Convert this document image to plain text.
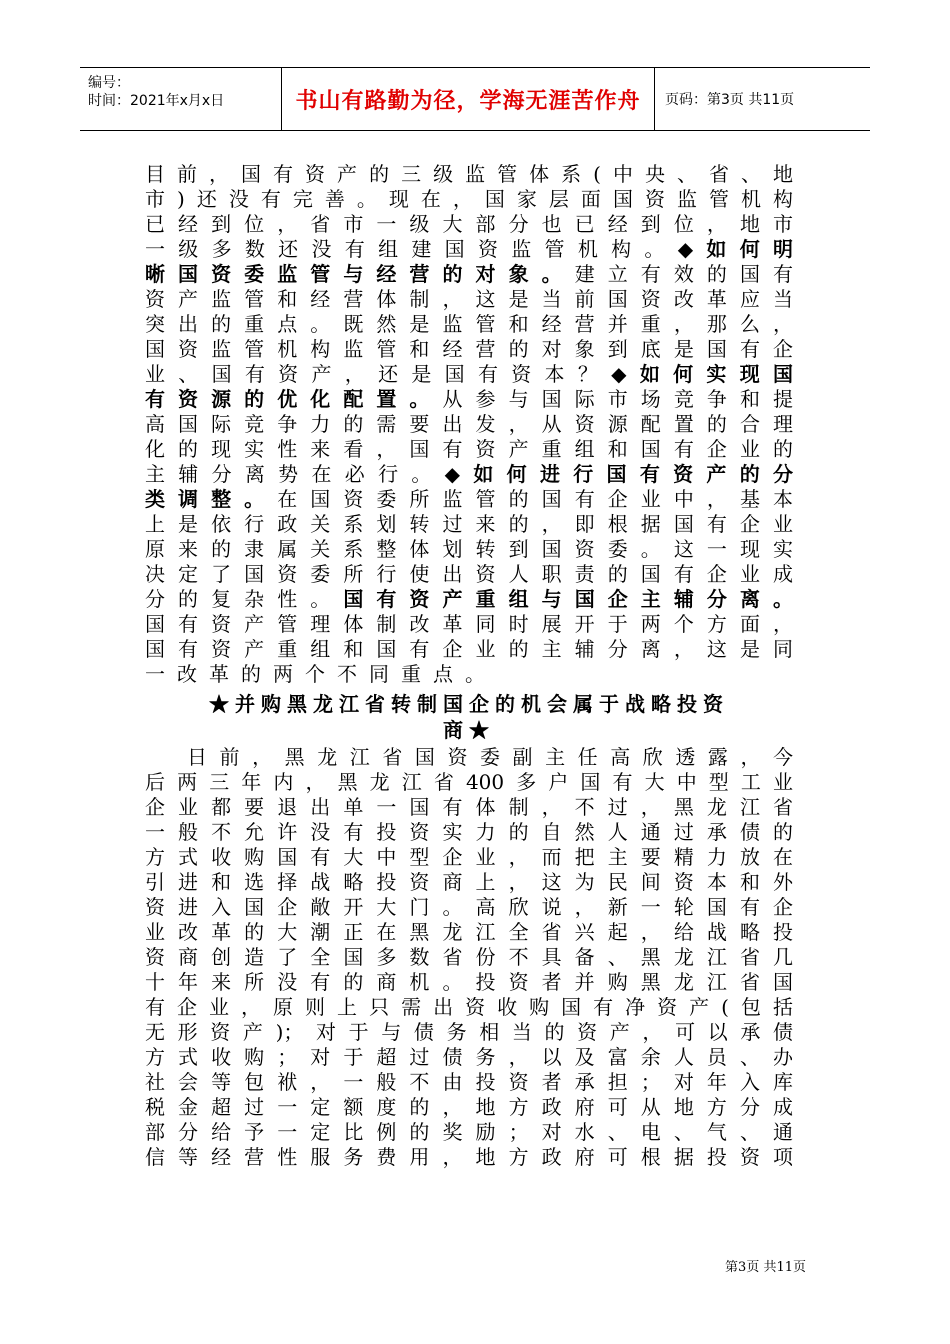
编号：
时间：2021年x月x日	书山有路勤为径，学海无涯苦作舟 页码：第3页 共11页
目前，国有资产的三级监管体系(中央、省、地
市)还没有完善。现在，国家层面国资监管机构
已经到位，省市一级大部分也已经到位，地市
一级多数还没有组建国资监管机构。◆如何明
晰国资委监管与经营的对象。建立有效的国有
资产监管和经营体制，这是当前国资改革应当
突出的重点。既然是监管和经营并重，那么，
国资监管机构监管和经营的对象到底是国有企
业、国有资产，还是国有资本？◆如何实现国
有资源的优化配置。从参与国际市场竞争和提
高国际竞争力的需要出发，从资源配置的合理
化的现实性来看，国有资产重组和国有企业的
主辅分离势在必行。◆如何进行国有资产的分
类调整。在国资委所监管的国有企业中，基本
上是依行政关系划转过来的，即根据国有企业
原来的隶属关系整体划转到国资委。这一现实
决定了国资委所行使出资人职责的国有企业成
分的复杂性。国有资产重组与国企主辅分离。
国有资产管理体制改革同时展开于两个方面，
国有资产重组和国有企业的主辅分离，这是同
一改革的两个不同重点。
★并购黑龙江省转制国企的机会属于战略投资
商★
日前，黑龙江省国资委副主任高欣透露，今
后两三年内，黑龙江省400多户国有大中型工业
企业都要退出单一国有体制，不过，黑龙江省
一般不允许没有投资实力的自然人通过承债的
方式收购国有大中型企业，而把主要精力放在
引进和选择战略投资商上，这为民间资本和外
资进入国企敞开大门。高欣说，新一轮国有企
业改革的大潮正在黑龙江全省兴起，给战略投
资商创造了全国多数省份不具备、黑龙江省几
十年来所没有的商机。投资者并购黑龙江省国
有企业，原则上只需出资收购国有净资产(包括
无形资产)；对于与债务相当的资产，可以承债
方式收购；对于超过债务，以及富余人员、办
社会等包袱，一般不由投资者承担；对年入库
税金超过一定额度的，地方政府可从地方分成
部分给予一定比例的奖励；对水、电、气、通
信等经营性服务费用，地方政府可根据投资项
第3页 共11页
